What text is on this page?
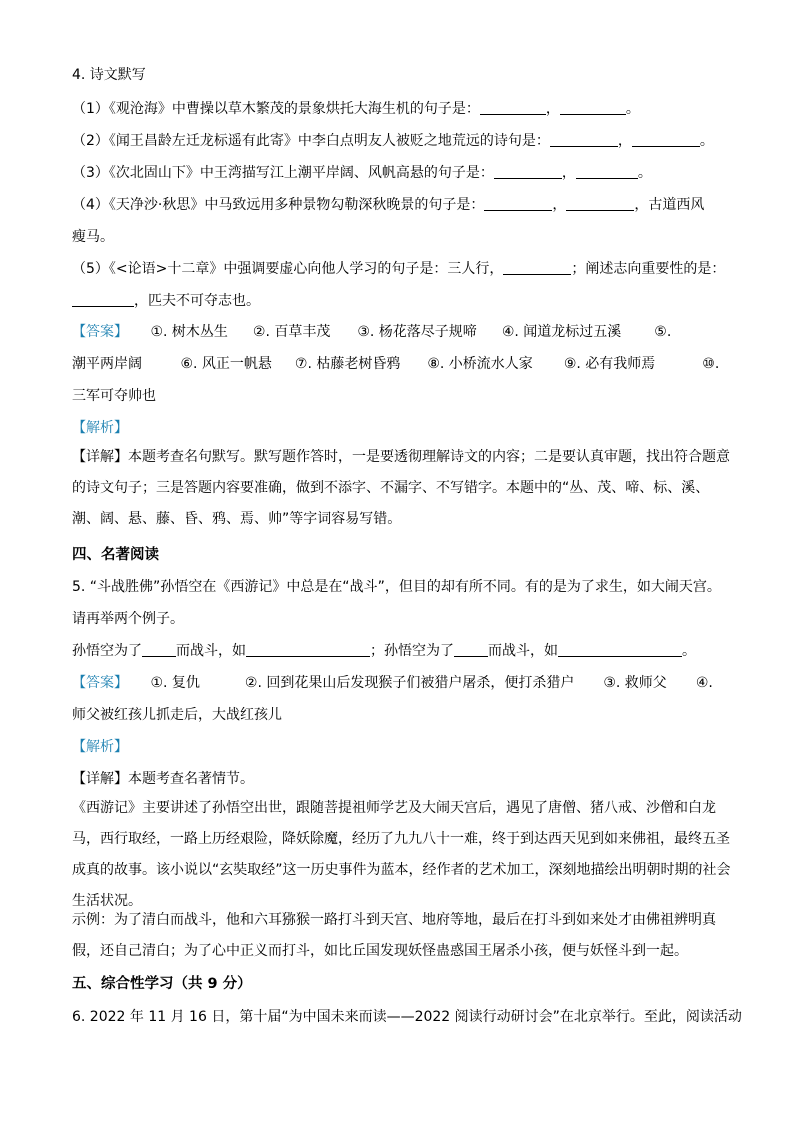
4. 诗文默写
（1）《观沧海》中曹操以草木繁茂的景象烘托大海生机的句子是：	，	。
（2）《闻王昌龄左迁龙标遥有此寄》中李白点明友人被贬之地荒远的诗句是：	，	。
（3）《次北固山下》中王湾描写江上潮平岸阔、风帆高悬的句子是：	，	。
（4）《天净沙·秋思》中马致远用多种景物勾勒深秋晚景的句子是：	，	，古道西风
瘦马。
（5）《<论语>十二章》中强调要虚心向他人学习的句子是：三人行，	；阐述志向重要性的是：
，匹夫不可夺志也。
【答案】 ①. 树木丛生 ②. 百草丰茂 ③. 杨花落尽子规啼 ④. 闻道龙标过五溪 ⑤.
潮平两岸阔	⑥. 风正一帆悬 ⑦. 枯藤老树昏鸦 ⑧. 小桥流水人家 ⑨. 必有我师焉	⑩.
三军可夺帅也
【解析】
【详解】本题考查名句默写。默写题作答时，一是要透彻理解诗文的内容；二是要认真审题，找出符合题意的诗文句子；三是答题内容要准确，做到不添字、不漏字、不写错字。本题中的“丛、茂、啼、标、溪、潮、阔、悬、藤、昏、鸦、焉、帅”等字词容易写错。
四、名著阅读
5. “斗战胜佛”孙悟空在《西游记》中总是在“战斗”，但目的却有所不同。有的是为了求生，如大闹天宫。
请再举两个例子。
孙悟空为了 而战斗，如	；孙悟空为了 而战斗，如	。
【答案】 ①. 复仇	②. 回到花果山后发现猴子们被猎户屠杀，便打杀猎户 ③. 救师父 ④.
师父被红孩儿抓走后，大战红孩儿
【解析】
【详解】本题考查名著情节。
《西游记》主要讲述了孙悟空出世，跟随菩提祖师学艺及大闹天宫后，遇见了唐僧、猪八戒、沙僧和白龙马，西行取经，一路上历经艰险，降妖除魔，经历了九九八十一难，终于到达西天见到如来佛祖，最终五圣成真的故事。该小说以“玄奘取经”这一历史事件为蓝本，经作者的艺术加工，深刻地描绘出明朝时期的社会生活状况。
示例：为了清白而战斗，他和六耳猕猴一路打斗到天宫、地府等地，最后在打斗到如来处才由佛祖辨明真假，还自己清白；为了心中正义而打斗，如比丘国发现妖怪蛊惑国王屠杀小孩，便与妖怪斗到一起。
五、综合性学习（共 9 分）
6. 2022 年 11 月 16 日，第十届“为中国未来而读——2022 阅读行动研讨会”在北京举行。至此，阅读活动
